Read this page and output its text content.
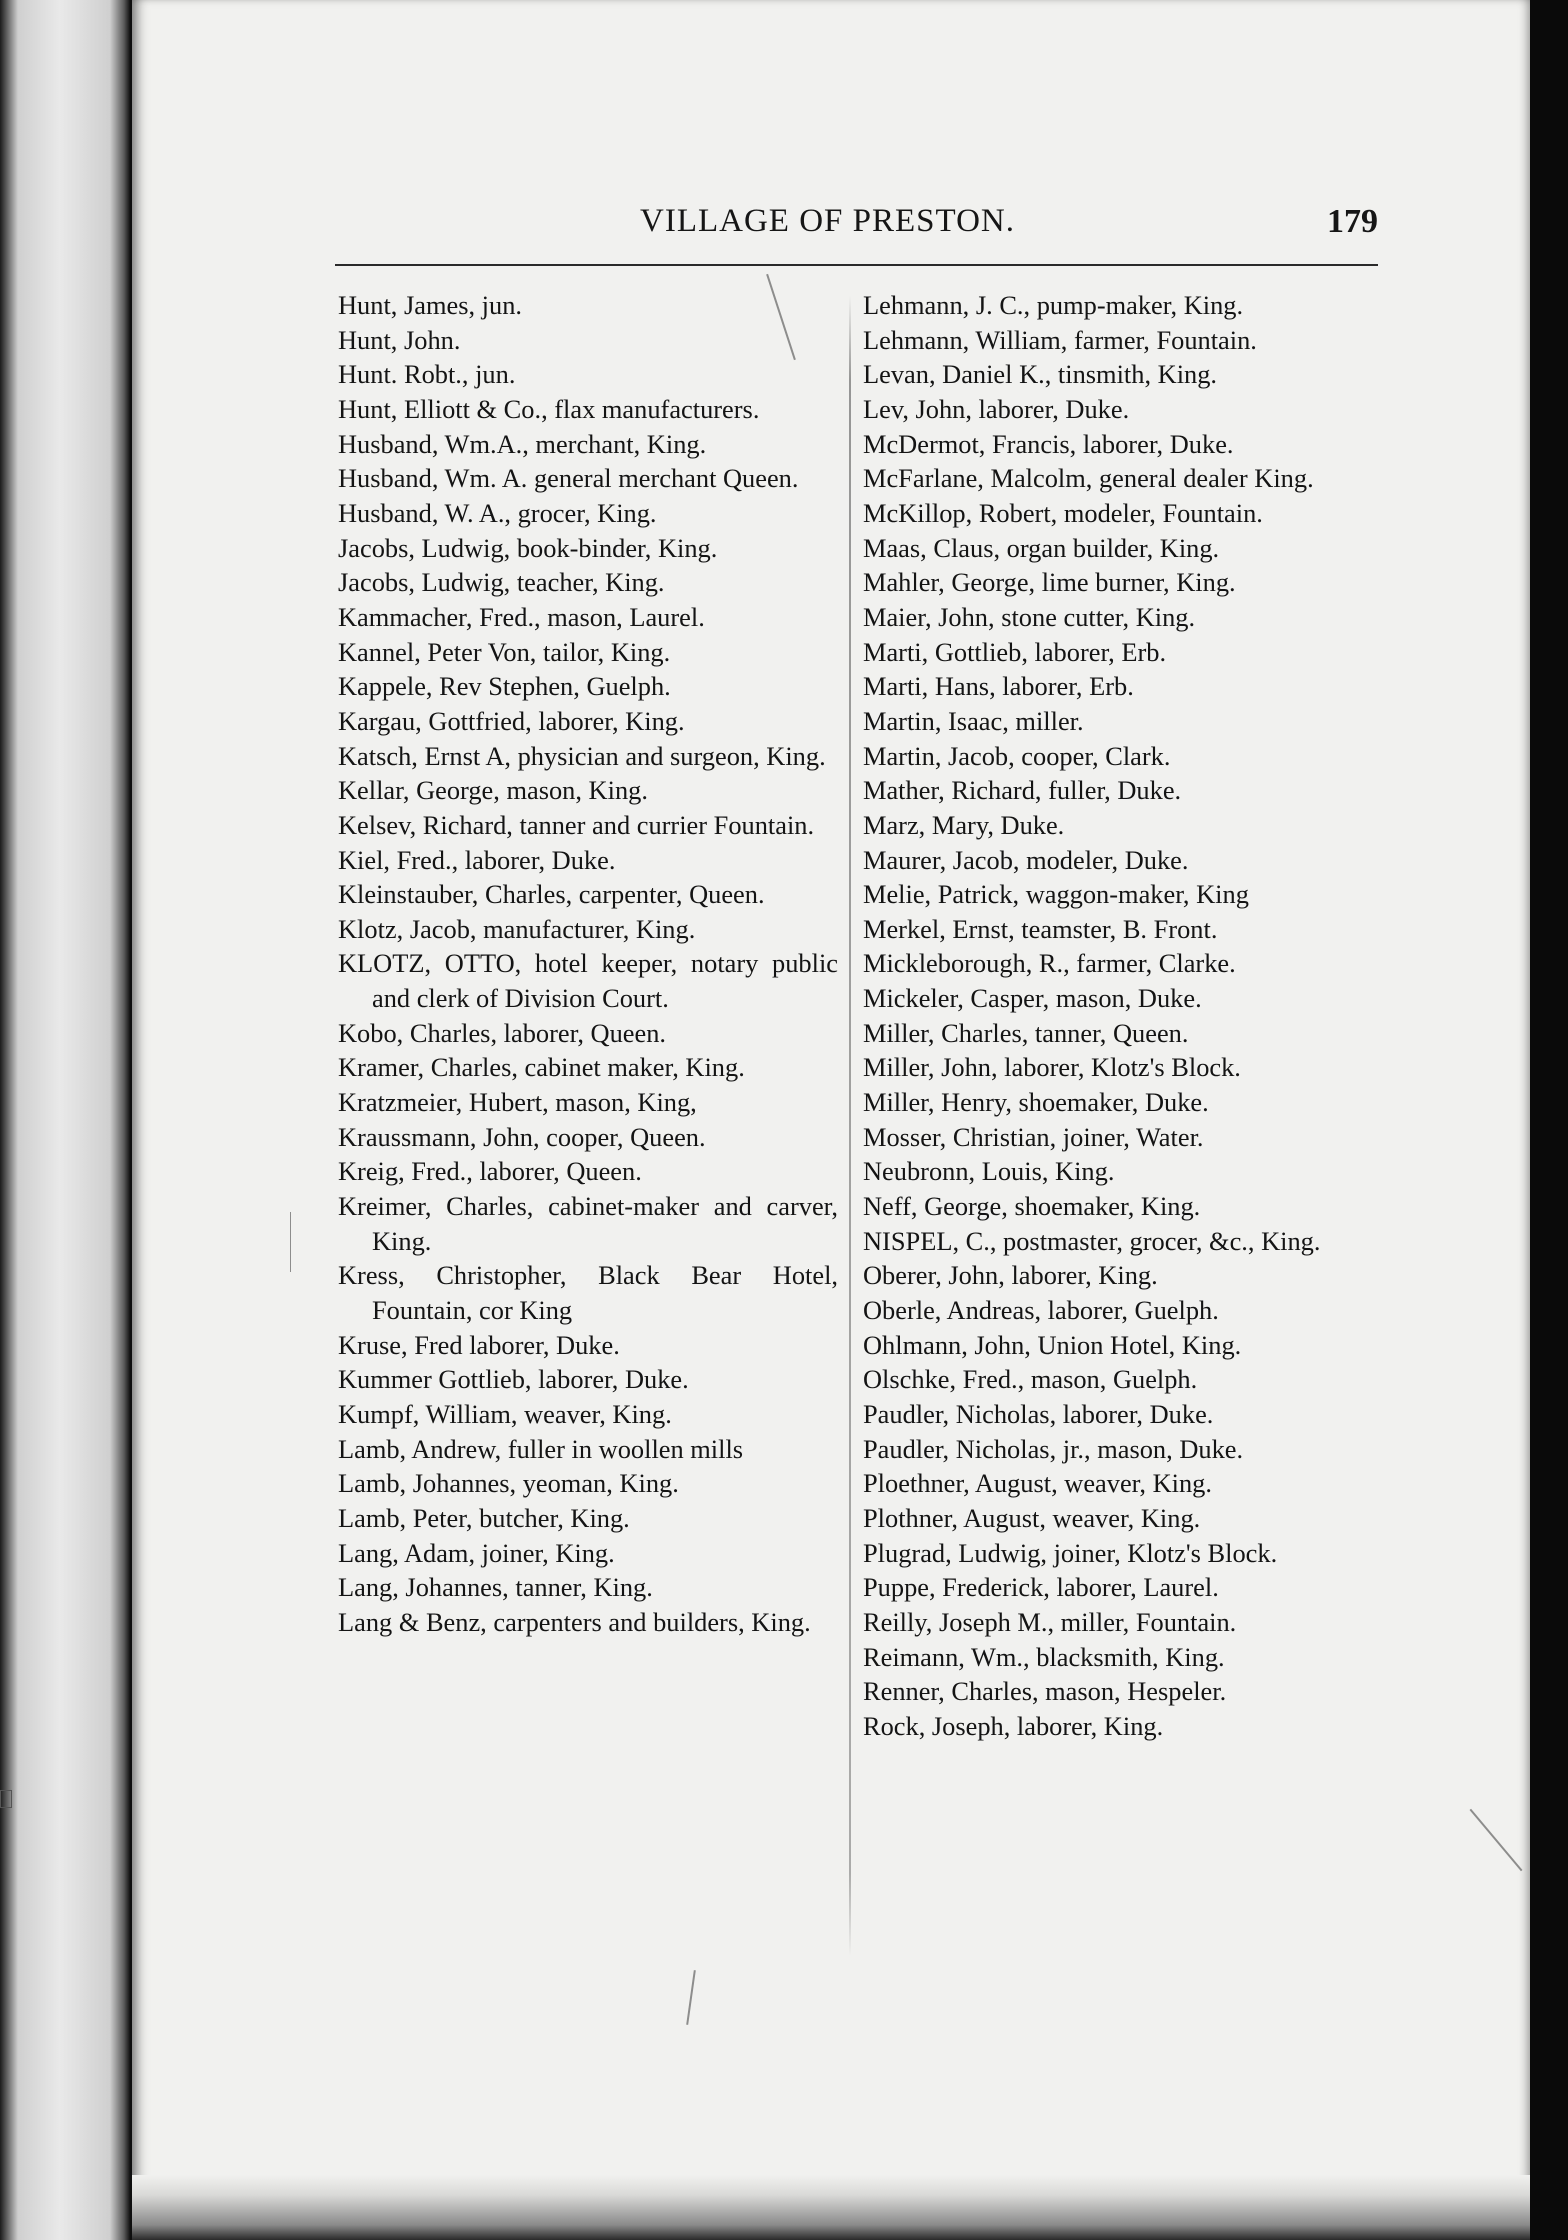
VILLAGE OF PRESTON.	179
Hunt, James, jun.
Hunt, John.
Hunt. Robt., jun.
Hunt, Elliott & Co., flax manufacturers.
Husband, Wm.A., merchant, King.
Husband, Wm. A. general merchant Queen.
Husband, W. A., grocer, King.
Jacobs, Ludwig, book-binder, King.
Jacobs, Ludwig, teacher, King.
Kammacher, Fred., mason, Laurel.
Kannel, Peter Von, tailor, King.
Kappele, Rev Stephen, Guelph.
Kargau, Gottfried, laborer, King.
Katsch, Ernst A, physician and surgeon, King.
Kellar, George, mason, King.
Kelsev, Richard, tanner and currier Fountain.
Kiel, Fred., laborer, Duke.
Kleinstauber, Charles, carpenter, Queen.
Klotz, Jacob, manufacturer, King.
KLOTZ, OTTO, hotel keeper, notary public and clerk of Division Court.
Kobo, Charles, laborer, Queen.
Kramer, Charles, cabinet maker, King.
Kratzmeier, Hubert, mason, King,
Kraussmann, John, cooper, Queen.
Kreig, Fred., laborer, Queen.
Kreimer, Charles, cabinet-maker and carver, King.
Kress, Christopher, Black Bear Hotel, Fountain, cor King
Kruse, Fred laborer, Duke.
Kummer Gottlieb, laborer, Duke.
Kumpf, William, weaver, King.
Lamb, Andrew, fuller in woollen mills
Lamb, Johannes, yeoman, King.
Lamb, Peter, butcher, King.
Lang, Adam, joiner, King.
Lang, Johannes, tanner, King.
Lang & Benz, carpenters and builders, King.
Lehmann, J. C., pump-maker, King.
Lehmann, William, farmer, Fountain.
Levan, Daniel K., tinsmith, King.
Lev, John, laborer, Duke.
McDermot, Francis, laborer, Duke.
McFarlane, Malcolm, general dealer King.
McKillop, Robert, modeler, Fountain.
Maas, Claus, organ builder, King.
Mahler, George, lime burner, King.
Maier, John, stone cutter, King.
Marti, Gottlieb, laborer, Erb.
Marti, Hans, laborer, Erb.
Martin, Isaac, miller.
Martin, Jacob, cooper, Clark.
Mather, Richard, fuller, Duke.
Marz, Mary, Duke.
Maurer, Jacob, modeler, Duke.
Melie, Patrick, waggon-maker, King
Merkel, Ernst, teamster, B. Front.
Mickleborough, R., farmer, Clarke.
Mickeler, Casper, mason, Duke.
Miller, Charles, tanner, Queen.
Miller, John, laborer, Klotz's Block.
Miller, Henry, shoemaker, Duke.
Mosser, Christian, joiner, Water.
Neubronn, Louis, King.
Neff, George, shoemaker, King.
NISPEL, C., postmaster, grocer, &c., King.
Oberer, John, laborer, King.
Oberle, Andreas, laborer, Guelph.
Ohlmann, John, Union Hotel, King.
Olschke, Fred., mason, Guelph.
Paudler, Nicholas, laborer, Duke.
Paudler, Nicholas, jr., mason, Duke.
Ploethner, August, weaver, King.
Plothner, August, weaver, King.
Plugrad, Ludwig, joiner, Klotz's Block.
Puppe, Frederick, laborer, Laurel.
Reilly, Joseph M., miller, Fountain.
Reimann, Wm., blacksmith, King.
Renner, Charles, mason, Hespeler.
Rock, Joseph, laborer, King.
